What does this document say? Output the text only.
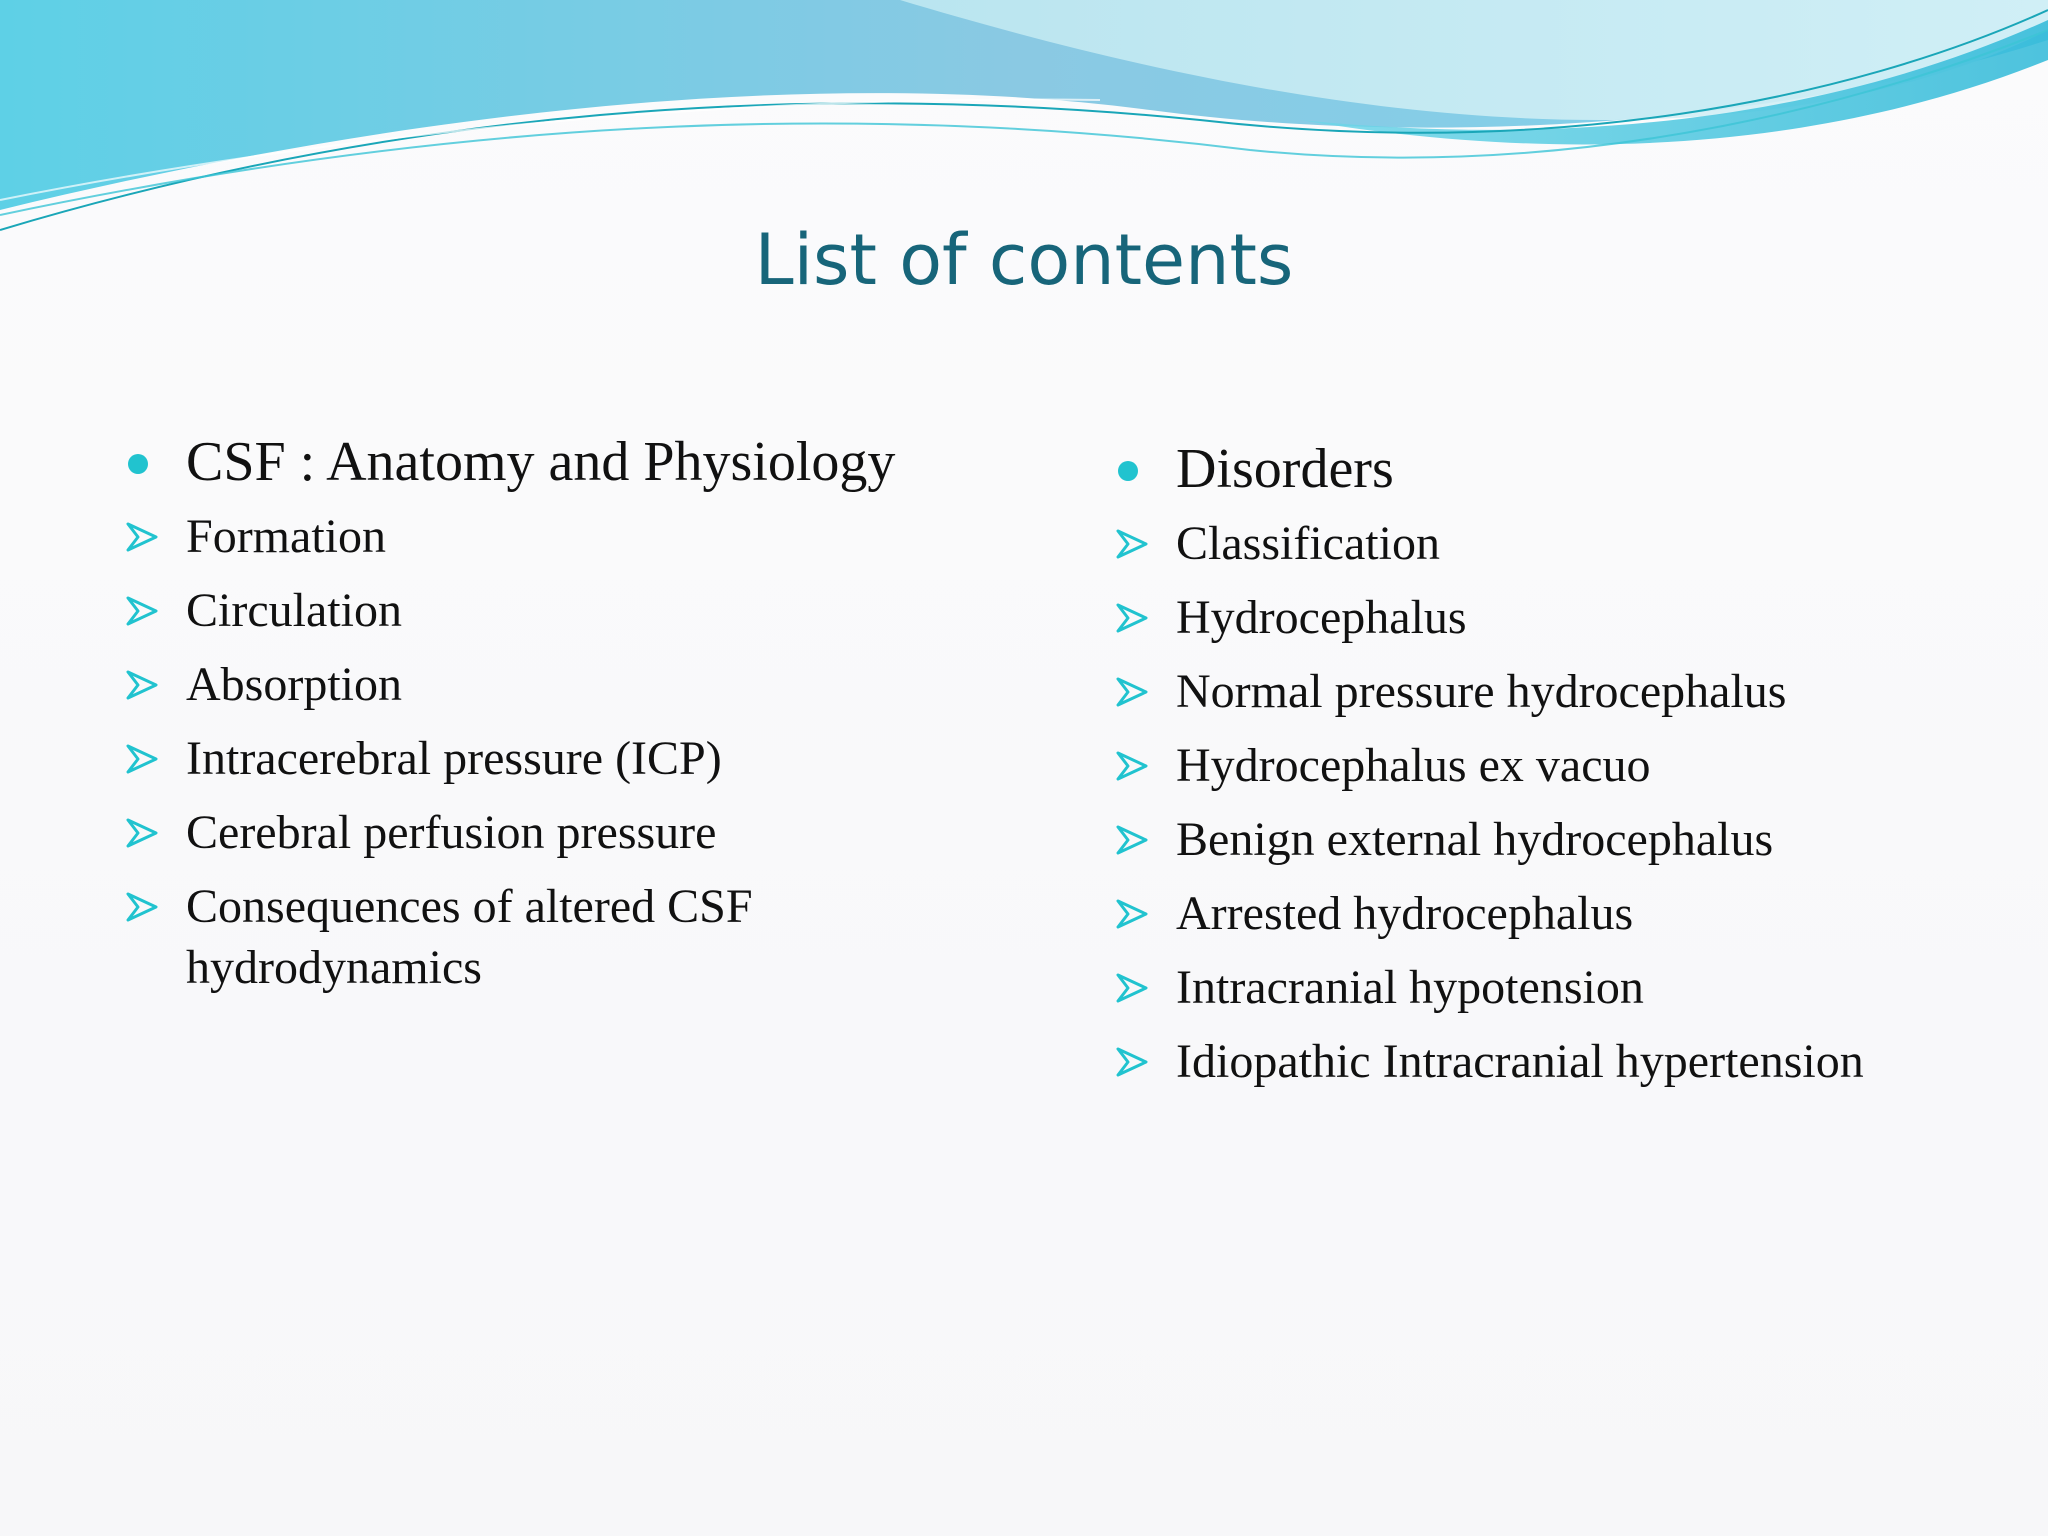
List of contents
CSF : Anatomy and Physiology
Formation
Circulation
Absorption
Intracerebral pressure (ICP)
Cerebral perfusion pressure
Consequences of altered CSF hydrodynamics
Disorders
Classification
Hydrocephalus
Normal pressure hydrocephalus
Hydrocephalus ex vacuo
Benign external hydrocephalus
Arrested hydrocephalus
Intracranial hypotension
Idiopathic Intracranial hypertension
